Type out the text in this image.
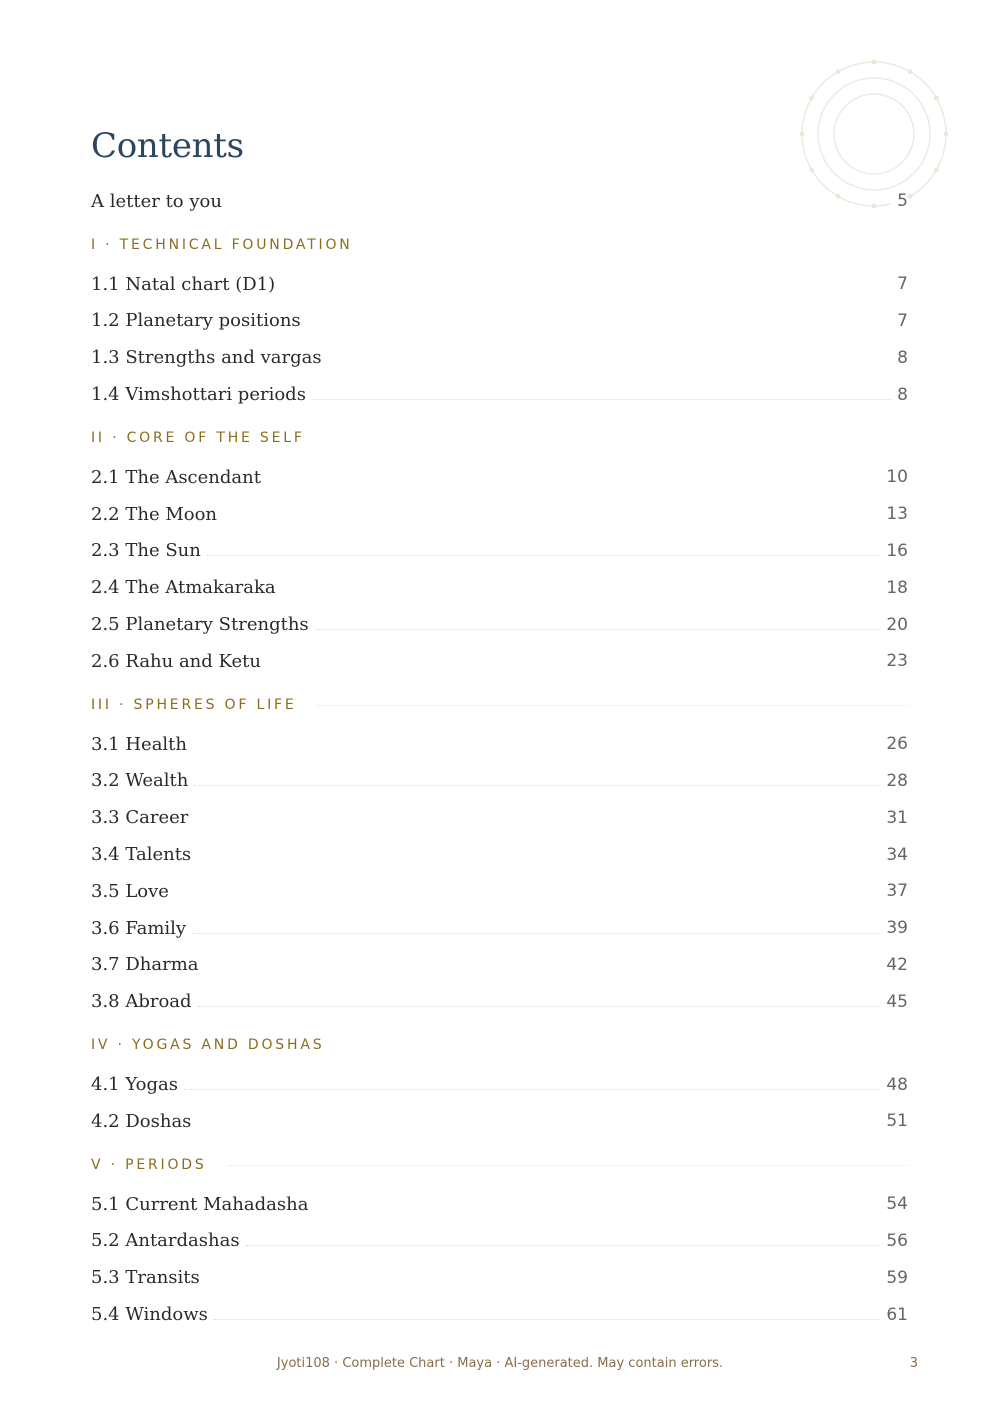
Contents
A letter to you	5
I · TECHNICAL FOUNDATION
1.1 Natal chart (D1)	7
1.2 Planetary positions	7
1.3 Strengths and vargas	8
1.4 Vimshottari periods	8
II · CORE OF THE SELF
2.1 The Ascendant	10
2.2 The Moon	13
2.3 The Sun	16
2.4 The Atmakaraka	18
2.5 Planetary Strengths	20
2.6 Rahu and Ketu	23
III · SPHERES OF LIFE
3.1 Health	26
3.2 Wealth	28
3.3 Career	31
3.4 Talents	34
3.5 Love	37
3.6 Family	39
3.7 Dharma	42
3.8 Abroad	45
IV · YOGAS AND DOSHAS
4.1 Yogas	48
4.2 Doshas	51
V · PERIODS
5.1 Current Mahadasha	54
5.2 Antardashas	56
5.3 Transits	59
5.4 Windows	61
Jyoti108 · Complete Chart · Maya · AI-generated. May contain errors.	3
